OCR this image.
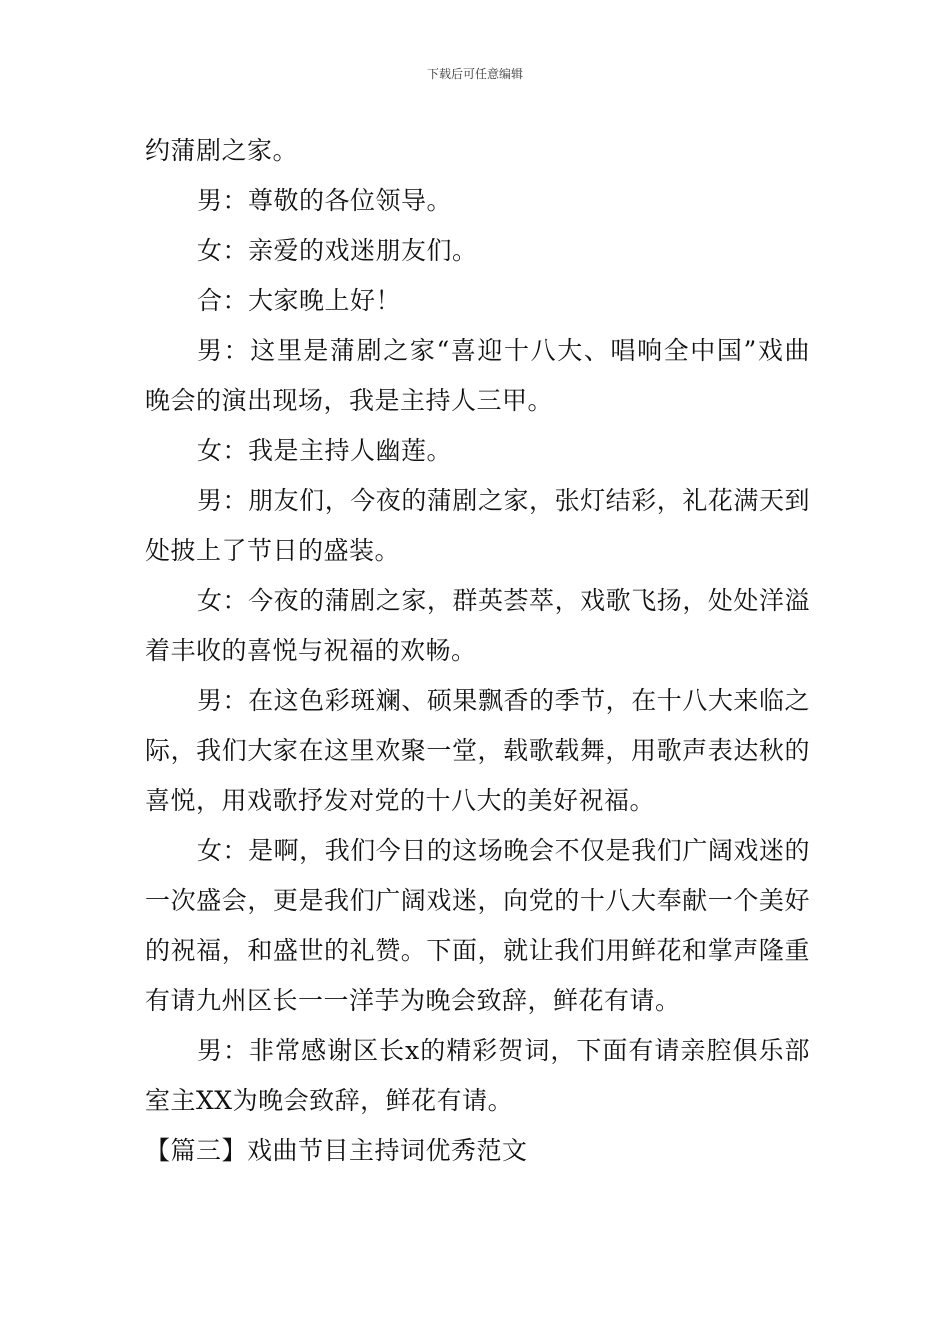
下载后可任意编辑

约蒲剧之家。

男：尊敬的各位领导。

女：亲爱的戏迷朋友们。

合：大家晚上好！

男：这里是蒲剧之家“喜迎十八大、唱响全中国”戏曲晚会的演出现场，我是主持人三甲。

女：我是主持人幽莲。

男：朋友们，今夜的蒲剧之家，张灯结彩，礼花满天到处披上了节日的盛装。

女：今夜的蒲剧之家，群英荟萃，戏歌飞扬，处处洋溢着丰收的喜悦与祝福的欢畅。

男：在这色彩斑斓、硕果飘香的季节，在十八大来临之际，我们大家在这里欢聚一堂，载歌载舞，用歌声表达秋的喜悦，用戏歌抒发对党的十八大的美好祝福。

女：是啊，我们今日的这场晚会不仅是我们广阔戏迷的一次盛会，更是我们广阔戏迷，向党的十八大奉献一个美好的祝福，和盛世的礼赞。下面，就让我们用鲜花和掌声隆重有请九州区长一一洋芋为晚会致辞，鲜花有请。

男：非常感谢区长x的精彩贺词，下面有请亲腔俱乐部室主XX为晚会致辞，鲜花有请。

【篇三】戏曲节目主持词优秀范文
